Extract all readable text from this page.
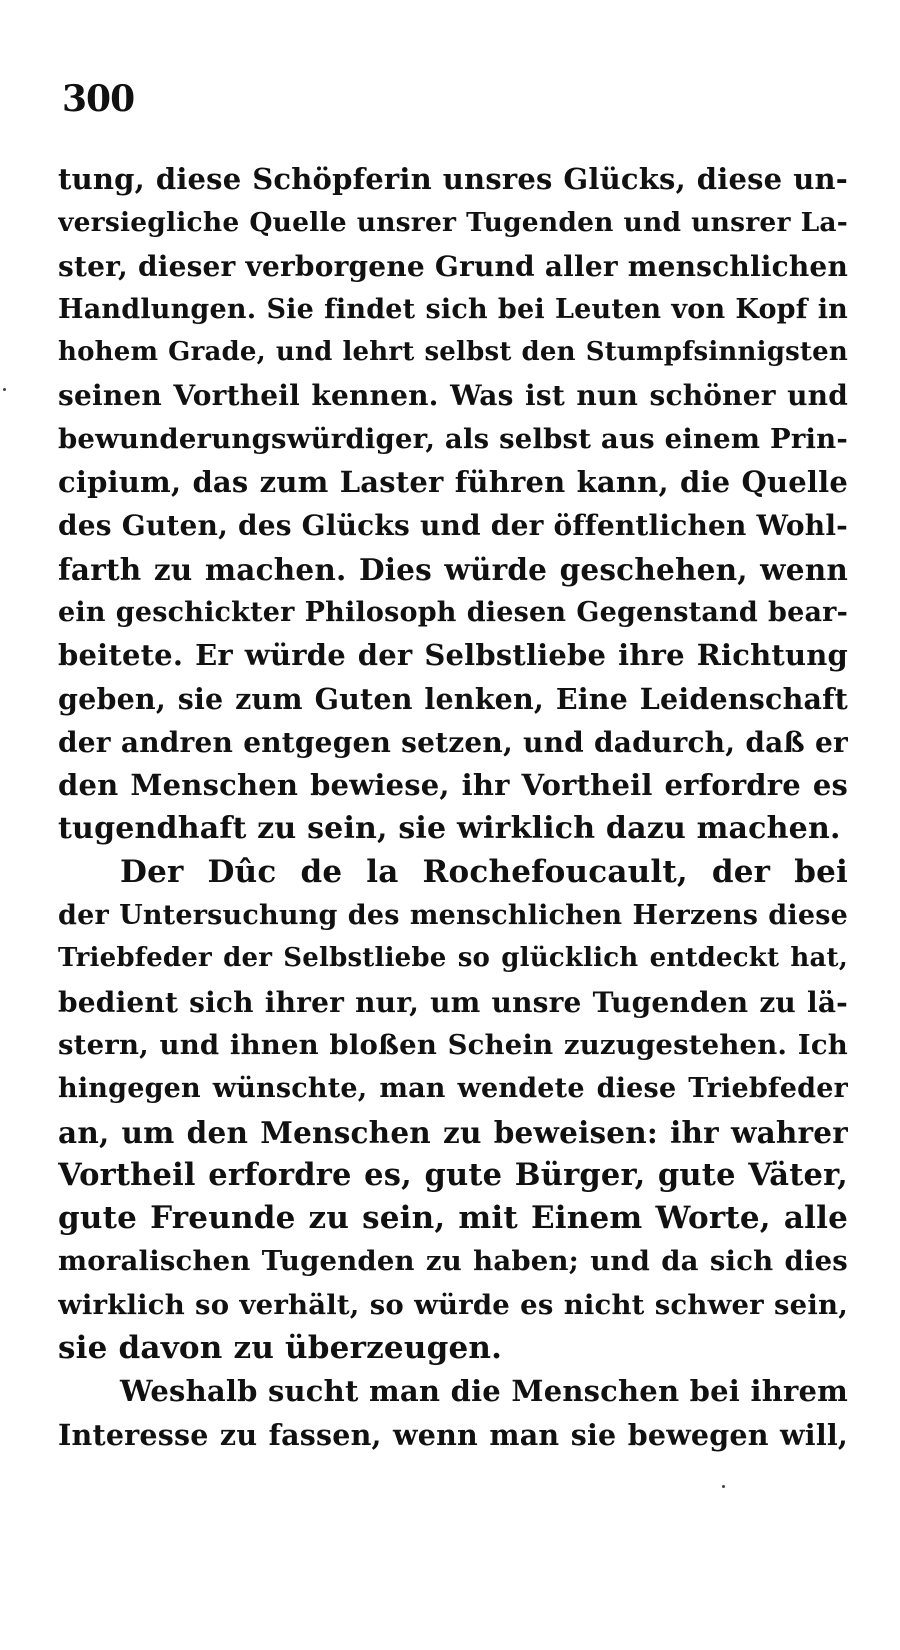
300
tung, diese Schöpferin unsres Glücks, diese un-
versiegliche Quelle unsrer Tugenden und unsrer La-
ster, dieser verborgene Grund aller menschlichen
Handlungen. Sie findet sich bei Leuten von Kopf in
hohem Grade, und lehrt selbst den Stumpfsinnigsten
seinen Vortheil kennen. Was ist nun schöner und
bewunderungswürdiger, als selbst aus einem Prin-
cipium, das zum Laster führen kann, die Quelle
des Guten, des Glücks und der öffentlichen Wohl-
farth zu machen. Dies würde geschehen, wenn
ein geschickter Philosoph diesen Gegenstand bear-
beitete. Er würde der Selbstliebe ihre Richtung
geben, sie zum Guten lenken, Eine Leidenschaft
der andren entgegen setzen, und dadurch, daß er
den Menschen bewiese, ihr Vortheil erfordre es
tugendhaft zu sein, sie wirklich dazu machen.
Der Dûc de la Rochefoucault, der bei
der Untersuchung des menschlichen Herzens diese
Triebfeder der Selbstliebe so glücklich entdeckt hat,
bedient sich ihrer nur, um unsre Tugenden zu lä-
stern, und ihnen bloßen Schein zuzugestehen. Ich
hingegen wünschte, man wendete diese Triebfeder
an, um den Menschen zu beweisen: ihr wahrer
Vortheil erfordre es, gute Bürger, gute Väter,
gute Freunde zu sein, mit Einem Worte, alle
moralischen Tugenden zu haben; und da sich dies
wirklich so verhält, so würde es nicht schwer sein,
sie davon zu überzeugen.
Weshalb sucht man die Menschen bei ihrem
Interesse zu fassen, wenn man sie bewegen will,
